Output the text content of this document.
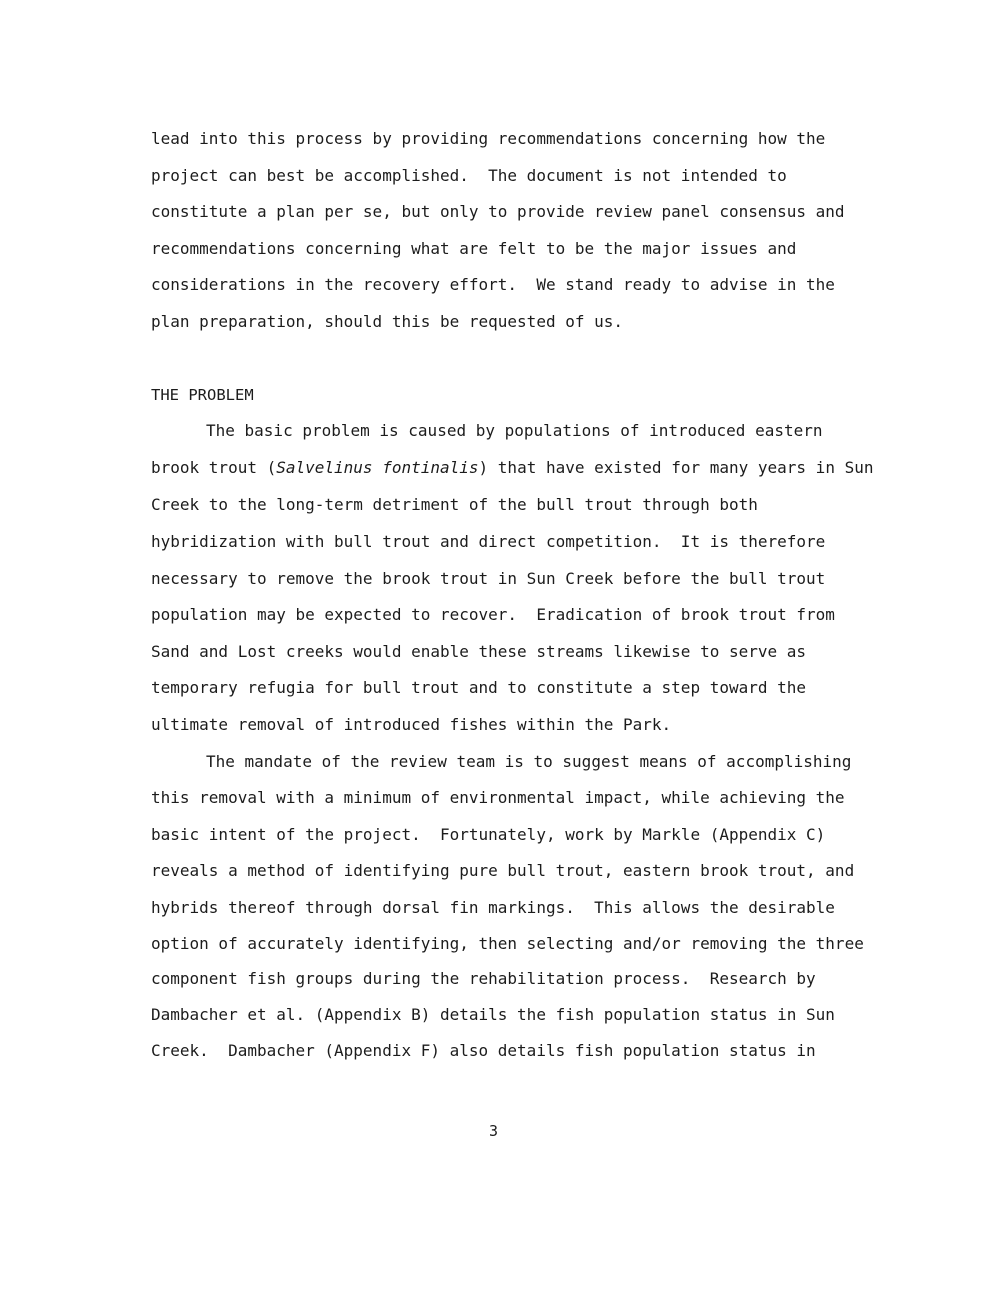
lead into this process by providing recommendations concerning how the
project can best be accomplished.  The document is not intended to
constitute a plan per se, but only to provide review panel consensus and
recommendations concerning what are felt to be the major issues and
considerations in the recovery effort.  We stand ready to advise in the
plan preparation, should this be requested of us.
THE PROBLEM
The basic problem is caused by populations of introduced eastern
brook trout (Salvelinus fontinalis) that have existed for many years in Sun
Creek to the long-term detriment of the bull trout through both
hybridization with bull trout and direct competition.  It is therefore
necessary to remove the brook trout in Sun Creek before the bull trout
population may be expected to recover.  Eradication of brook trout from
Sand and Lost creeks would enable these streams likewise to serve as
temporary refugia for bull trout and to constitute a step toward the
ultimate removal of introduced fishes within the Park.
The mandate of the review team is to suggest means of accomplishing
this removal with a minimum of environmental impact, while achieving the
basic intent of the project.  Fortunately, work by Markle (Appendix C)
reveals a method of identifying pure bull trout, eastern brook trout, and
hybrids thereof through dorsal fin markings.  This allows the desirable
option of accurately identifying, then selecting and/or removing the three
component fish groups during the rehabilitation process.  Research by
Dambacher et al. (Appendix B) details the fish population status in Sun
Creek.  Dambacher (Appendix F) also details fish population status in
3
